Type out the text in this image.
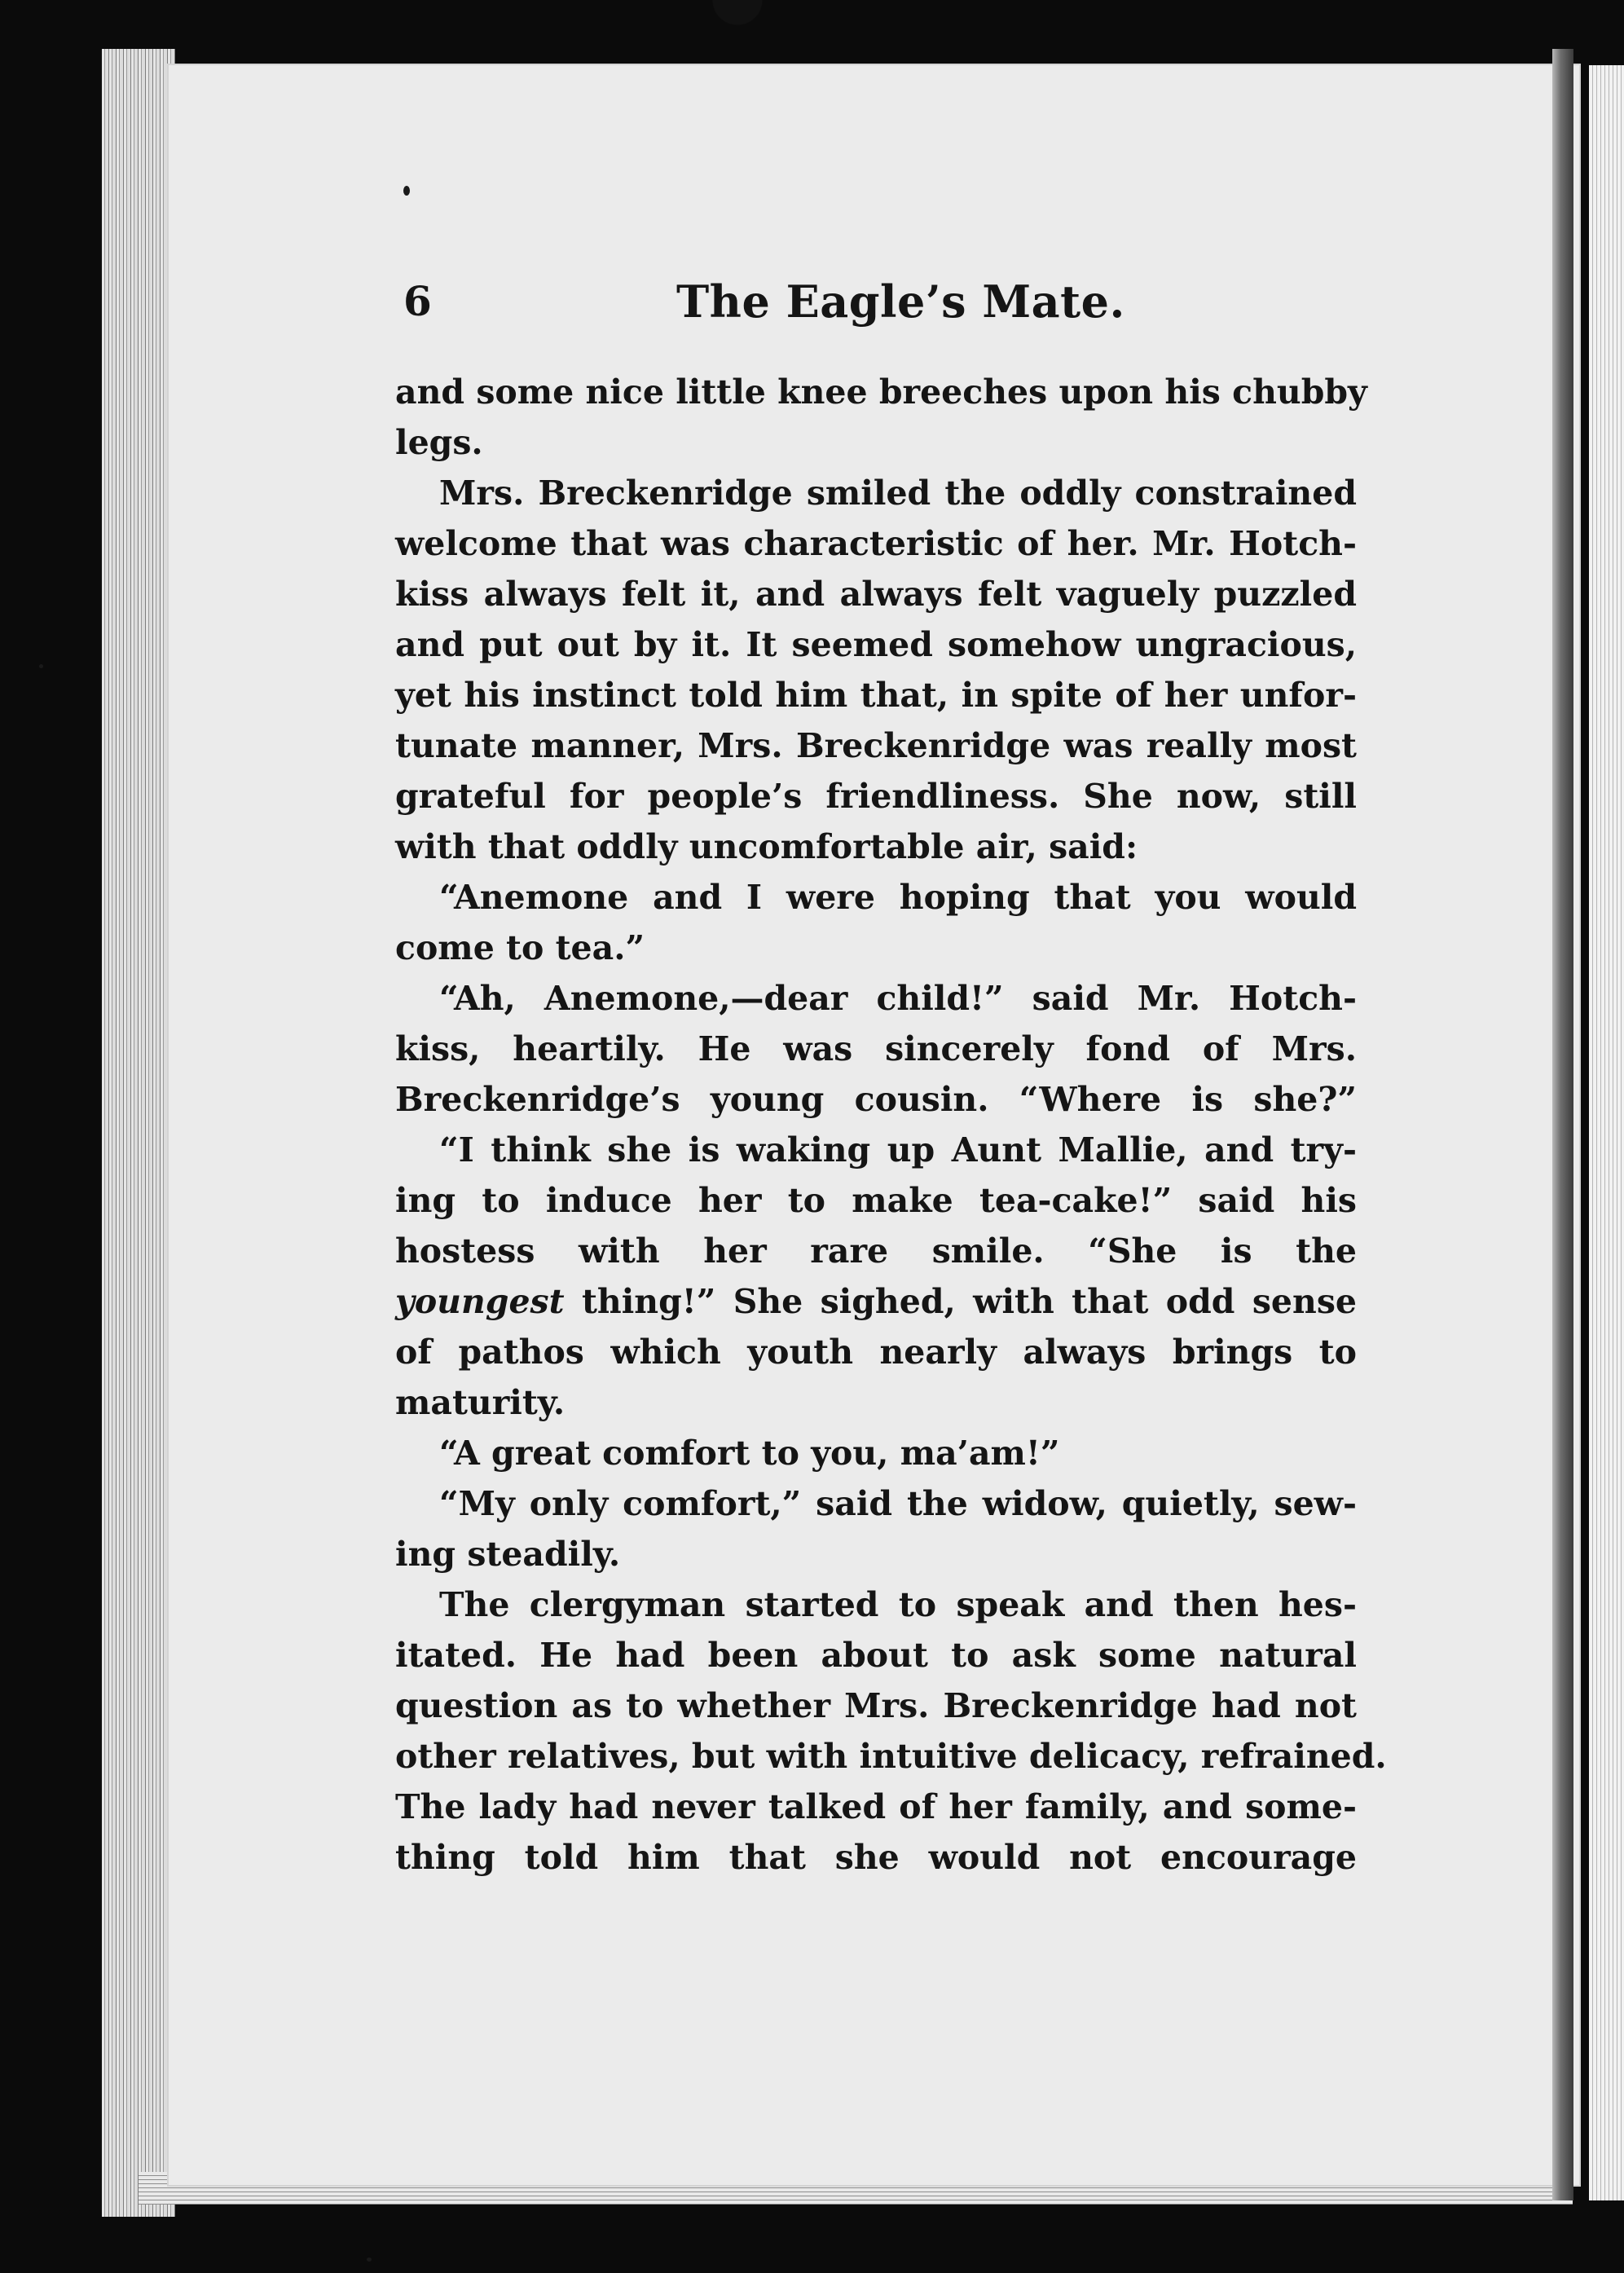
6	The Eagle’s Mate.
and some nice little knee breeches upon his chubby
legs.
Mrs. Breckenridge smiled the oddly constrained
welcome that was characteristic of her. Mr. Hotch-
kiss always felt it, and always felt vaguely puzzled
and put out by it. It seemed somehow ungracious,
yet his instinct told him that, in spite of her unfor-
tunate manner, Mrs. Breckenridge was really most
grateful for people’s friendliness. She now, still
with that oddly uncomfortable air, said:
“Anemone and I were hoping that you would
come to tea.”
“Ah, Anemone,—dear child!” said Mr. Hotch-
kiss, heartily. He was sincerely fond of Mrs.
Breckenridge’s young cousin. “Where is she?”
“I think she is waking up Aunt Mallie, and try-
ing to induce her to make tea-cake!” said his
hostess with her rare smile. “She is the
youngest thing!” She sighed, with that odd sense
of pathos which youth nearly always brings to
maturity.
“A great comfort to you, ma’am!”
“My only comfort,” said the widow, quietly, sew-
ing steadily.
The clergyman started to speak and then hes-
itated. He had been about to ask some natural
question as to whether Mrs. Breckenridge had not
other relatives, but with intuitive delicacy, refrained.
The lady had never talked of her family, and some-
thing told him that she would not encourage
